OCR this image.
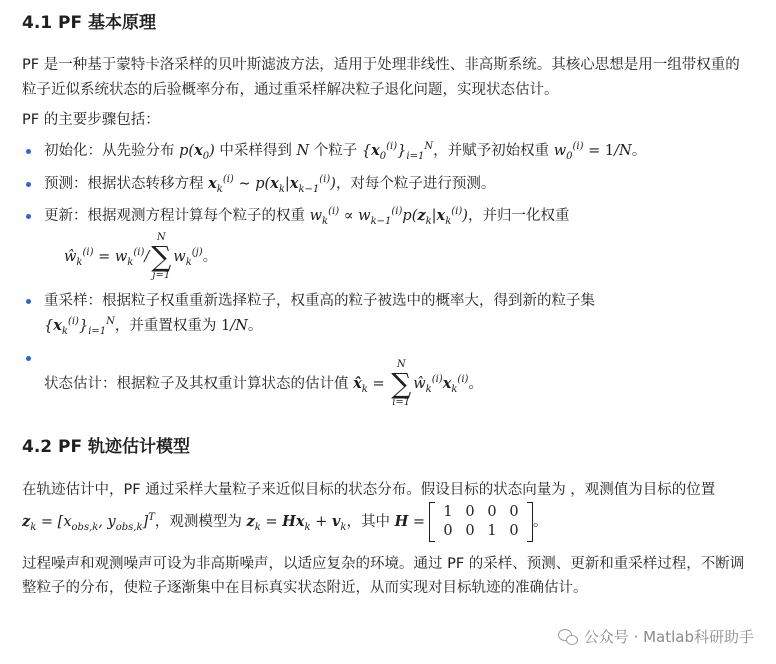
4.1 PF 基本原理

PF 是一种基于蒙特卡洛采样的贝叶斯滤波方法，适用于处理非线性、非高斯系统。其核心思想是用一组带权重的粒子近似系统状态的后验概率分布，通过重采样解决粒子退化问题，实现状态估计。

PF 的主要步骤包括：

初始化：从先验分布 $p(x_0)$ 中采样得到 N 个粒子 $\{x_0^{(i)}\}_{i=1}^N$，并赋予初始权重 $w_0^{(i)} = 1/N$。
预测：根据状态转移方程 $x_k^{(i)}$ ∼ $p(x_k|x_{k-1}^{(i)})$，对每个粒子进行预测。
更新：根据观测方程计算每个粒子的权重 $w_k^{(i)} \propto w_{k-1}^{(i)}p(z_k|x_k^{(i)})$，并归一化权重
$ŵ_k^{(i)} = w_k^{(i)}/$
N
∑
j=1
$w_k^{(j)}$。
重采样：根据粒子权重重新选择粒子，权重高的粒子被选中的概率大，得到新的粒子集
$\{x_k^{(i)}\}_{i=1}^N$，并重置权重为 1/N。
状态估计：根据粒子及其权重计算状态的估计值 $x̂_k$ =
N
∑
i=1
$ŵ_k^{(i)}x_k^{(i)}$。
4.2 PF 轨迹估计模型

在轨迹估计中，PF 通过采样大量粒子来近似目标的状态分布。假设目标的状态向量为 ，观测值为目标的位置 $z_k = [x_{obs,k}$, $y_{obs,k}]^T$，观测模型为 $z_k = Hx_k + v_k$，其中 H =
1 0 0 0
0 0 1 0
。

过程噪声和观测噪声可设为非高斯噪声，以适应复杂的环境。通过 PF 的采样、预测、更新和重采样过程，不断调整粒子的分布，使粒子逐渐集中在目标真实状态附近，从而实现对目标轨迹的准确估计。

公众号 · Matlab科研助手
